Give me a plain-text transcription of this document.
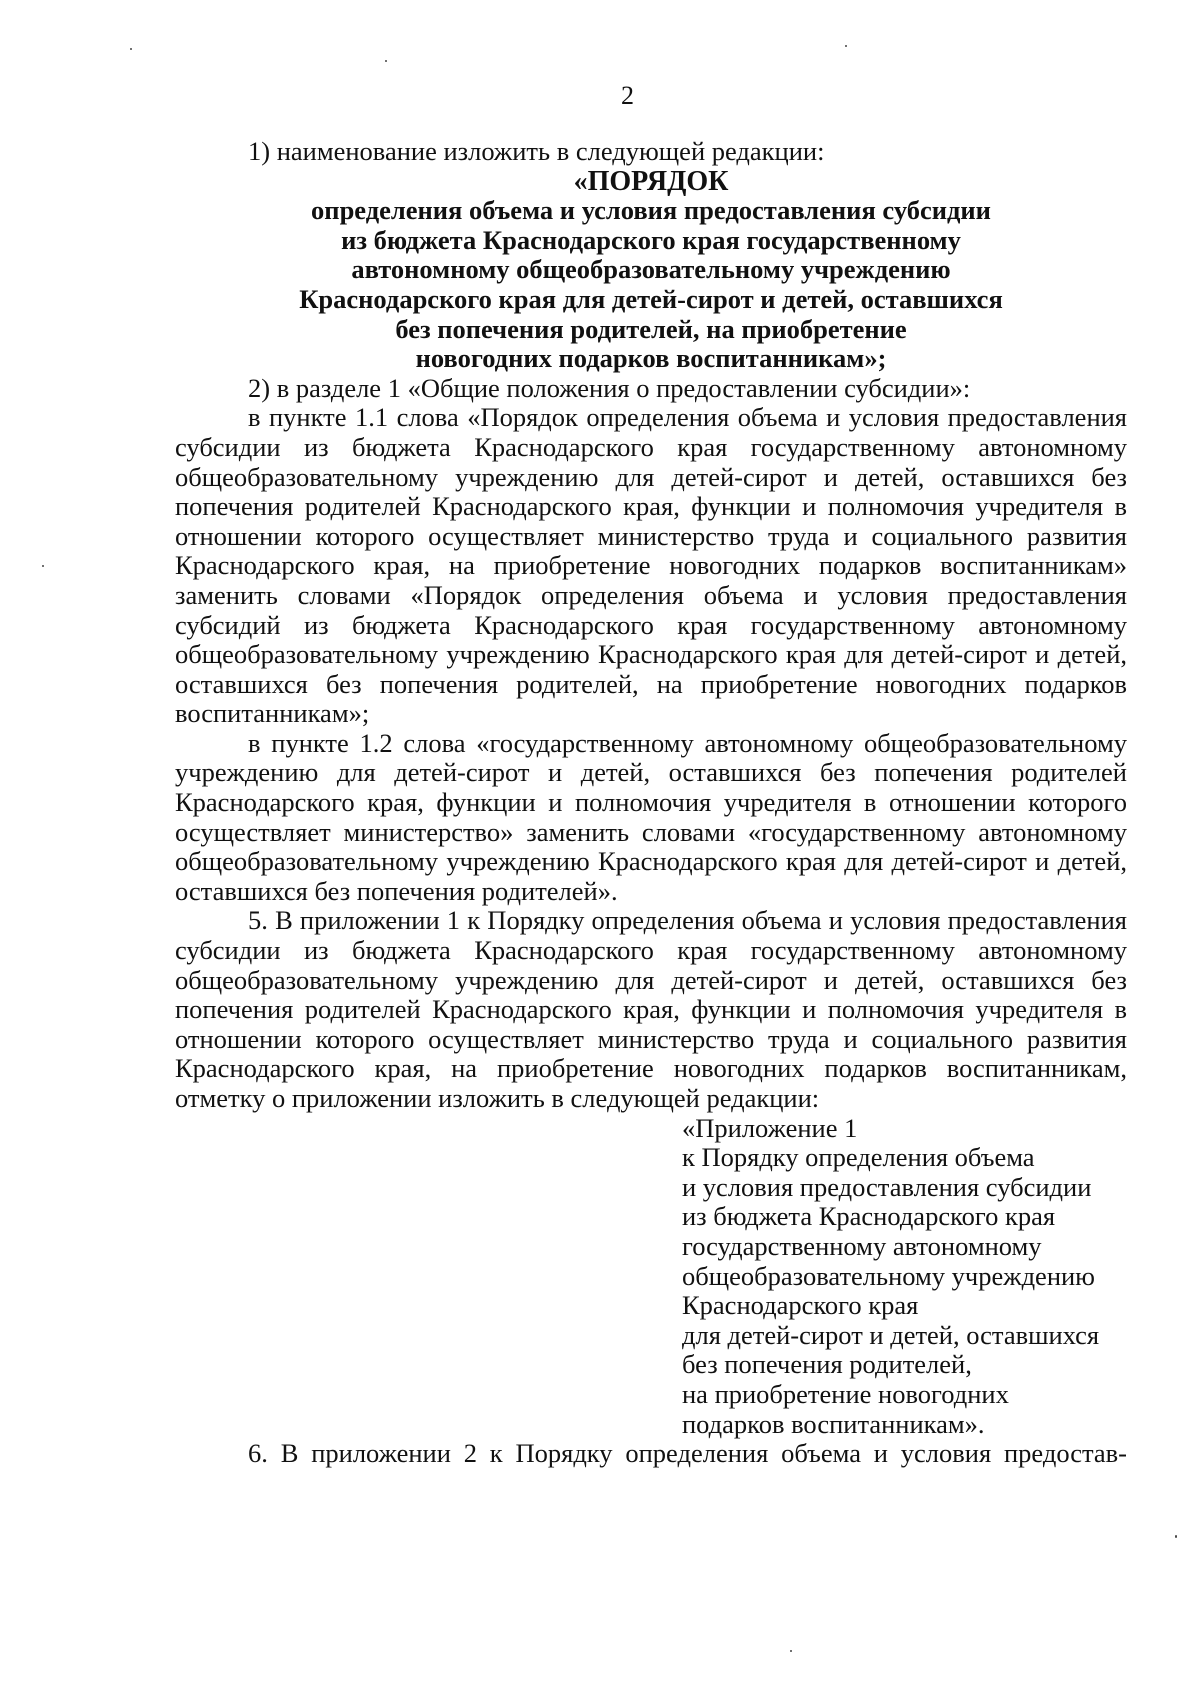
2

1) наименование изложить в следующей редакции:

«ПОРЯДОК
определения объема и условия предоставления субсидии
из бюджета Краснодарского края государственному
автономному общеобразовательному учреждению
Краснодарского края для детей-сирот и детей, оставшихся
без попечения родителей, на приобретение
новогодних подарков воспитанникам»;

2) в разделе 1 «Общие положения о предоставлении субсидии»:

в пункте 1.1 слова «Порядок определения объема и условия предоставления субсидии из бюджета Краснодарского края государственному автономному общеобразовательному учреждению для детей-сирот и детей, оставшихся без попечения родителей Краснодарского края, функции и полномочия учредителя в отношении которого осуществляет министерство труда и социального развития Краснодарского края, на приобретение новогодних подарков воспитанникам» заменить словами «Порядок определения объема и условия предоставления субсидий из бюджета Краснодарского края государственному автономному общеобразовательному учреждению Краснодарского края для детей-сирот и детей, оставшихся без попечения родителей, на приобретение новогодних подарков воспитанникам»;

в пункте 1.2 слова «государственному автономному общеобразовательному учреждению для детей-сирот и детей, оставшихся без попечения родителей Краснодарского края, функции и полномочия учредителя в отношении которого осуществляет министерство» заменить словами «государственному автономному общеобразовательному учреждению Краснодарского края для детей-сирот и детей, оставшихся без попечения родителей».

5. В приложении 1 к Порядку определения объема и условия предоставления субсидии из бюджета Краснодарского края государственному автономному общеобразовательному учреждению для детей-сирот и детей, оставшихся без попечения родителей Краснодарского края, функции и полномочия учредителя в отношении которого осуществляет министерство труда и социального развития Краснодарского края, на приобретение новогодних подарков воспитанникам, отметку о приложении изложить в следующей редакции:

«Приложение 1
к Порядку определения объема
и условия предоставления субсидии
из бюджета Краснодарского края
государственному автономному
общеобразовательному учреждению
Краснодарского края
для детей-сирот и детей, оставшихся
без попечения родителей,
на приобретение новогодних
подарков воспитанникам».

6. В приложении 2 к Порядку определения объема и условия предостав-
